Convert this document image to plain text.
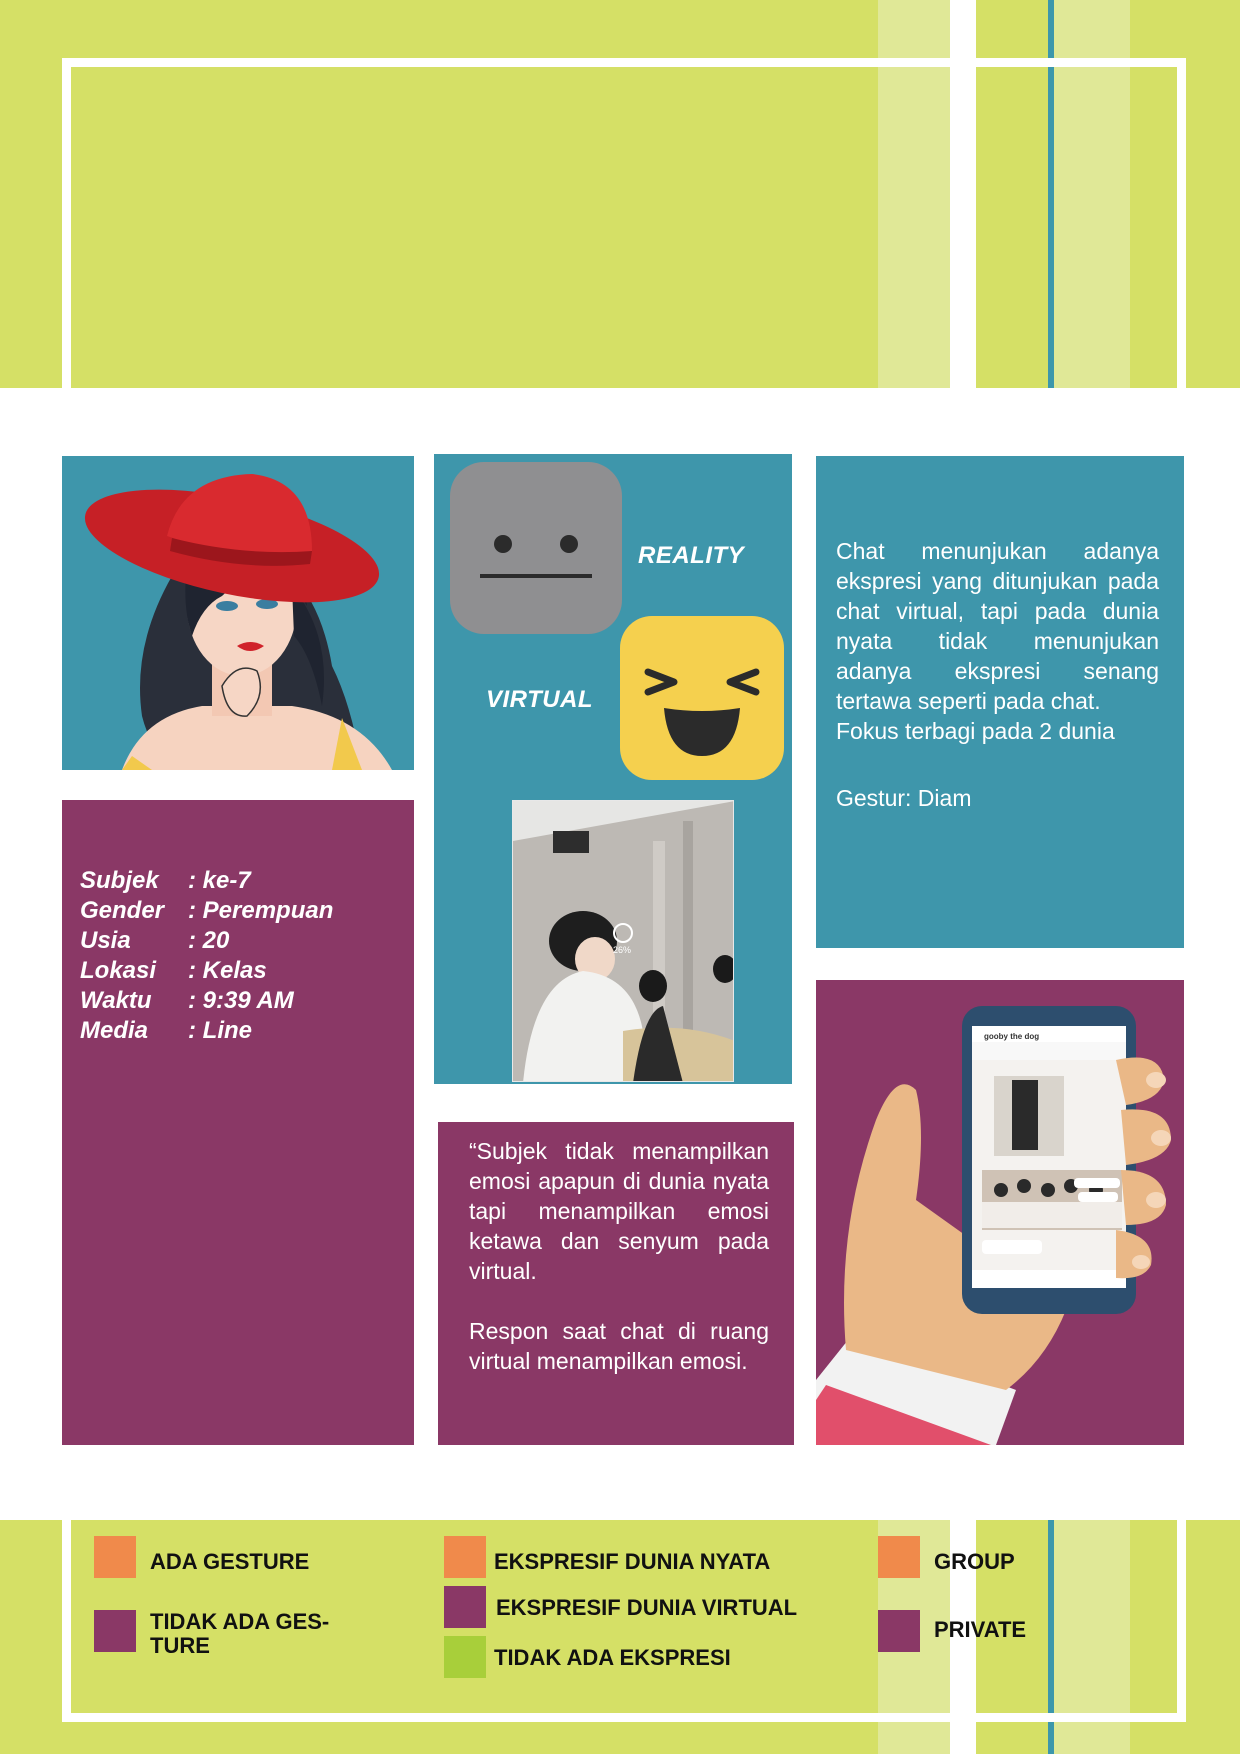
Subjek	: ke-7
Gender : Perempuan
Usia	: 20
Lokasi	: Kelas
Waktu	: 9:39 AM
Media	: Line
REALITY
VIRTUAL
26%
“Subjek tidak menampilkan emosi apapun di dunia nyata tapi menampilkan emosi ketawa dan senyum pada virtual.
Respon saat chat di ruang virtual menampilkan emosi.
Chat menunjukan adanya ekspresi yang ditunjukan pada chat virtual, tapi pada dunia nyata tidak menunjukan adanya ekspresi senang tertawa seperti pada chat.
Fokus terbagi pada 2 dunia
Gestur: Diam
gooby the dog
ADA GESTURE
TIDAK ADA GES- TURE
EKSPRESIF DUNIA NYATA
EKSPRESIF DUNIA VIRTUAL
TIDAK ADA EKSPRESI
GROUP
PRIVATE
